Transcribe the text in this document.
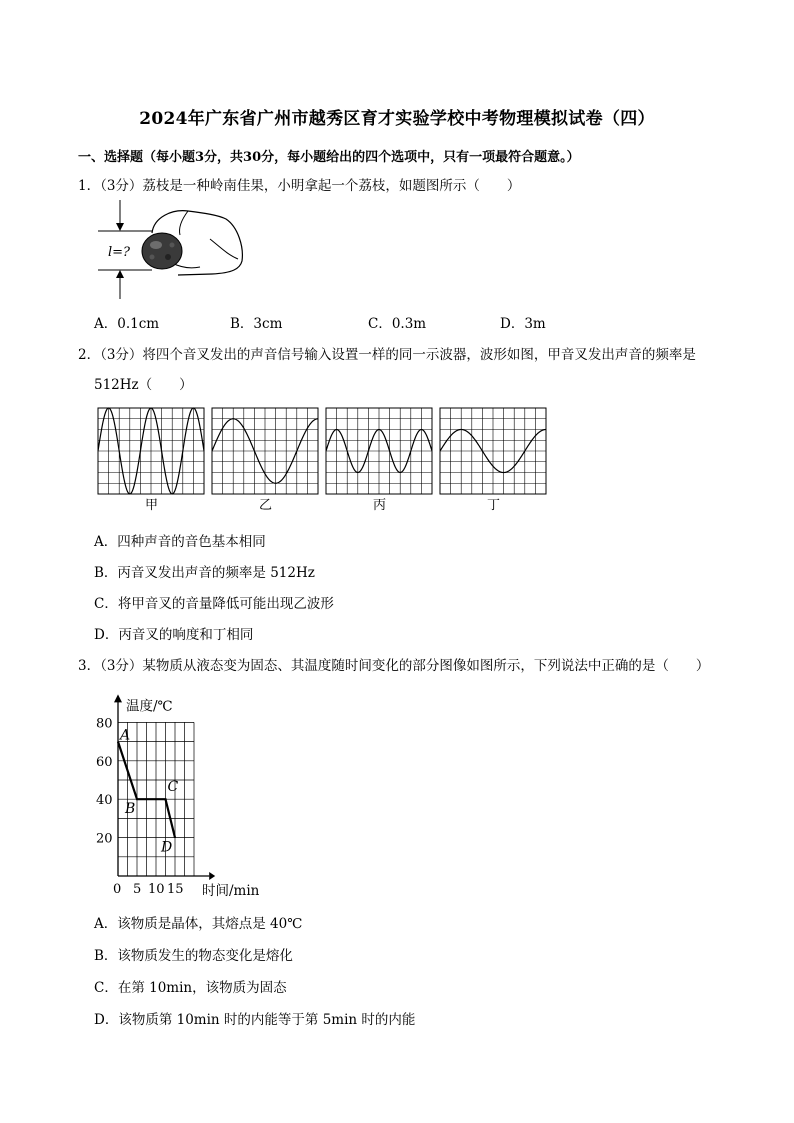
2024年广东省广州市越秀区育才实验学校中考物理模拟试卷（四）
一、选择题（每小题3分，共30分，每小题给出的四个选项中，只有一项最符合题意。）
1．（3分）荔枝是一种岭南佳果，小明拿起一个荔枝，如题图所示（　　）
l=?
A．0.1cm	B．3cm	C．0.3m	D．3m
2．（3分）将四个音叉发出的声音信号输入设置一样的同一示波器，波形如图，甲音叉发出声音的频率是
512Hz（　　）
甲	乙	丙	丁
A．四种声音的音色基本相同
B．丙音叉发出声音的频率是 512Hz
C．将甲音叉的音量降低可能出现乙波形
D．丙音叉的响度和丁相同
3．（3分）某物质从液态变为固态、其温度随时间变化的部分图像如图所示，下列说法中正确的是（　　）
20
40
60
80
0 5 10 15
温度/℃
时间/min
A
B
C
D
A．该物质是晶体，其熔点是 40℃
B．该物质发生的物态变化是熔化
C．在第 10min，该物质为固态
D．该物质第 10min 时的内能等于第 5min 时的内能
